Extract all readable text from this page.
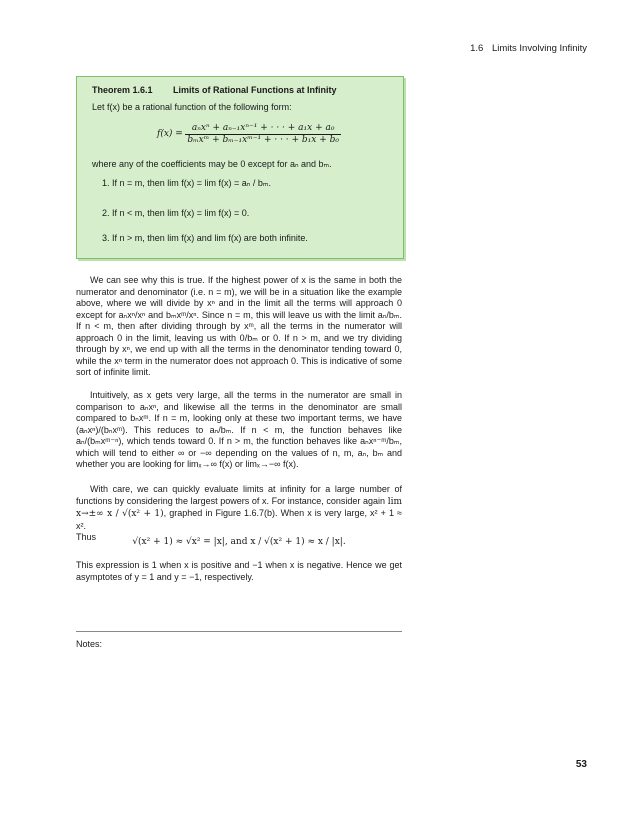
1.6 Limits Involving Infinity
Theorem 1.6.1 Limits of Rational Functions at Infinity
Let f(x) be a rational function of the following form:
$f(x) = \frac{\text{aₙxⁿ + aₙ₋₁xⁿ⁻¹ + · · · + a₁x + a₀}}{\text{bₘxᵐ + bₘ₋₁xᵐ⁻¹ + · · · + b₁x + b₀}}$
where any of the coefficients may be 0 except for aₙ and bₘ.
1. If n = m, then lim f(x) = lim f(x) = aₙ / bₘ.
2. If n < m, then lim f(x) = lim f(x) = 0.
3. If n > m, then lim f(x) and lim f(x) are both infinite.

We can see why this is true. If the highest power of x is the same in both the numerator and denominator (i.e. n = m), we will be in a situation like the example above, where we will divide by xⁿ and in the limit all the terms will approach 0 except for aₙxⁿ/xⁿ and bₘxᵐ/xⁿ. Since n = m, this will leave us with the limit aₙ/bₘ. If n < m, then after dividing through by xᵐ, all the terms in the numerator will approach 0 in the limit, leaving us with 0/bₘ or 0. If n > m, and we try dividing through by xⁿ, we end up with all the terms in the denominator tending toward 0, while the xⁿ term in the numerator does not approach 0. This is indicative of some sort of infinite limit.

Intuitively, as x gets very large, all the terms in the numerator are small in comparison to aₙxⁿ, and likewise all the terms in the denominator are small compared to bₙxᵐ. If n = m, looking only at these two important terms, we have (aₙxⁿ)/(bₙxᵐ). This reduces to aₙ/bₘ. If n < m, the function behaves like aₙ/(bₘxᵐ⁻ⁿ), which tends toward 0. If n > m, the function behaves like aₙxⁿ⁻ᵐ/bₘ, which will tend to either ∞ or −∞ depending on the values of n, m, aₙ, bₘ and whether you are looking for limₓ→∞ f(x) or limₓ→−∞ f(x).

With care, we can quickly evaluate limits at infinity for a large number of functions by considering the largest powers of x. For instance, consider again lim x→±∞ x / √(x² + 1), graphed in Figure 1.6.7(b). When x is very large, x² + 1 ≈ x².

Thus	√(x² + 1) ≈ √x² = |x|, and x / √(x² + 1) ≈ x / |x|.

This expression is 1 when x is positive and −1 when x is negative. Hence we get asymptotes of y = 1 and y = −1, respectively.

Notes:
53
